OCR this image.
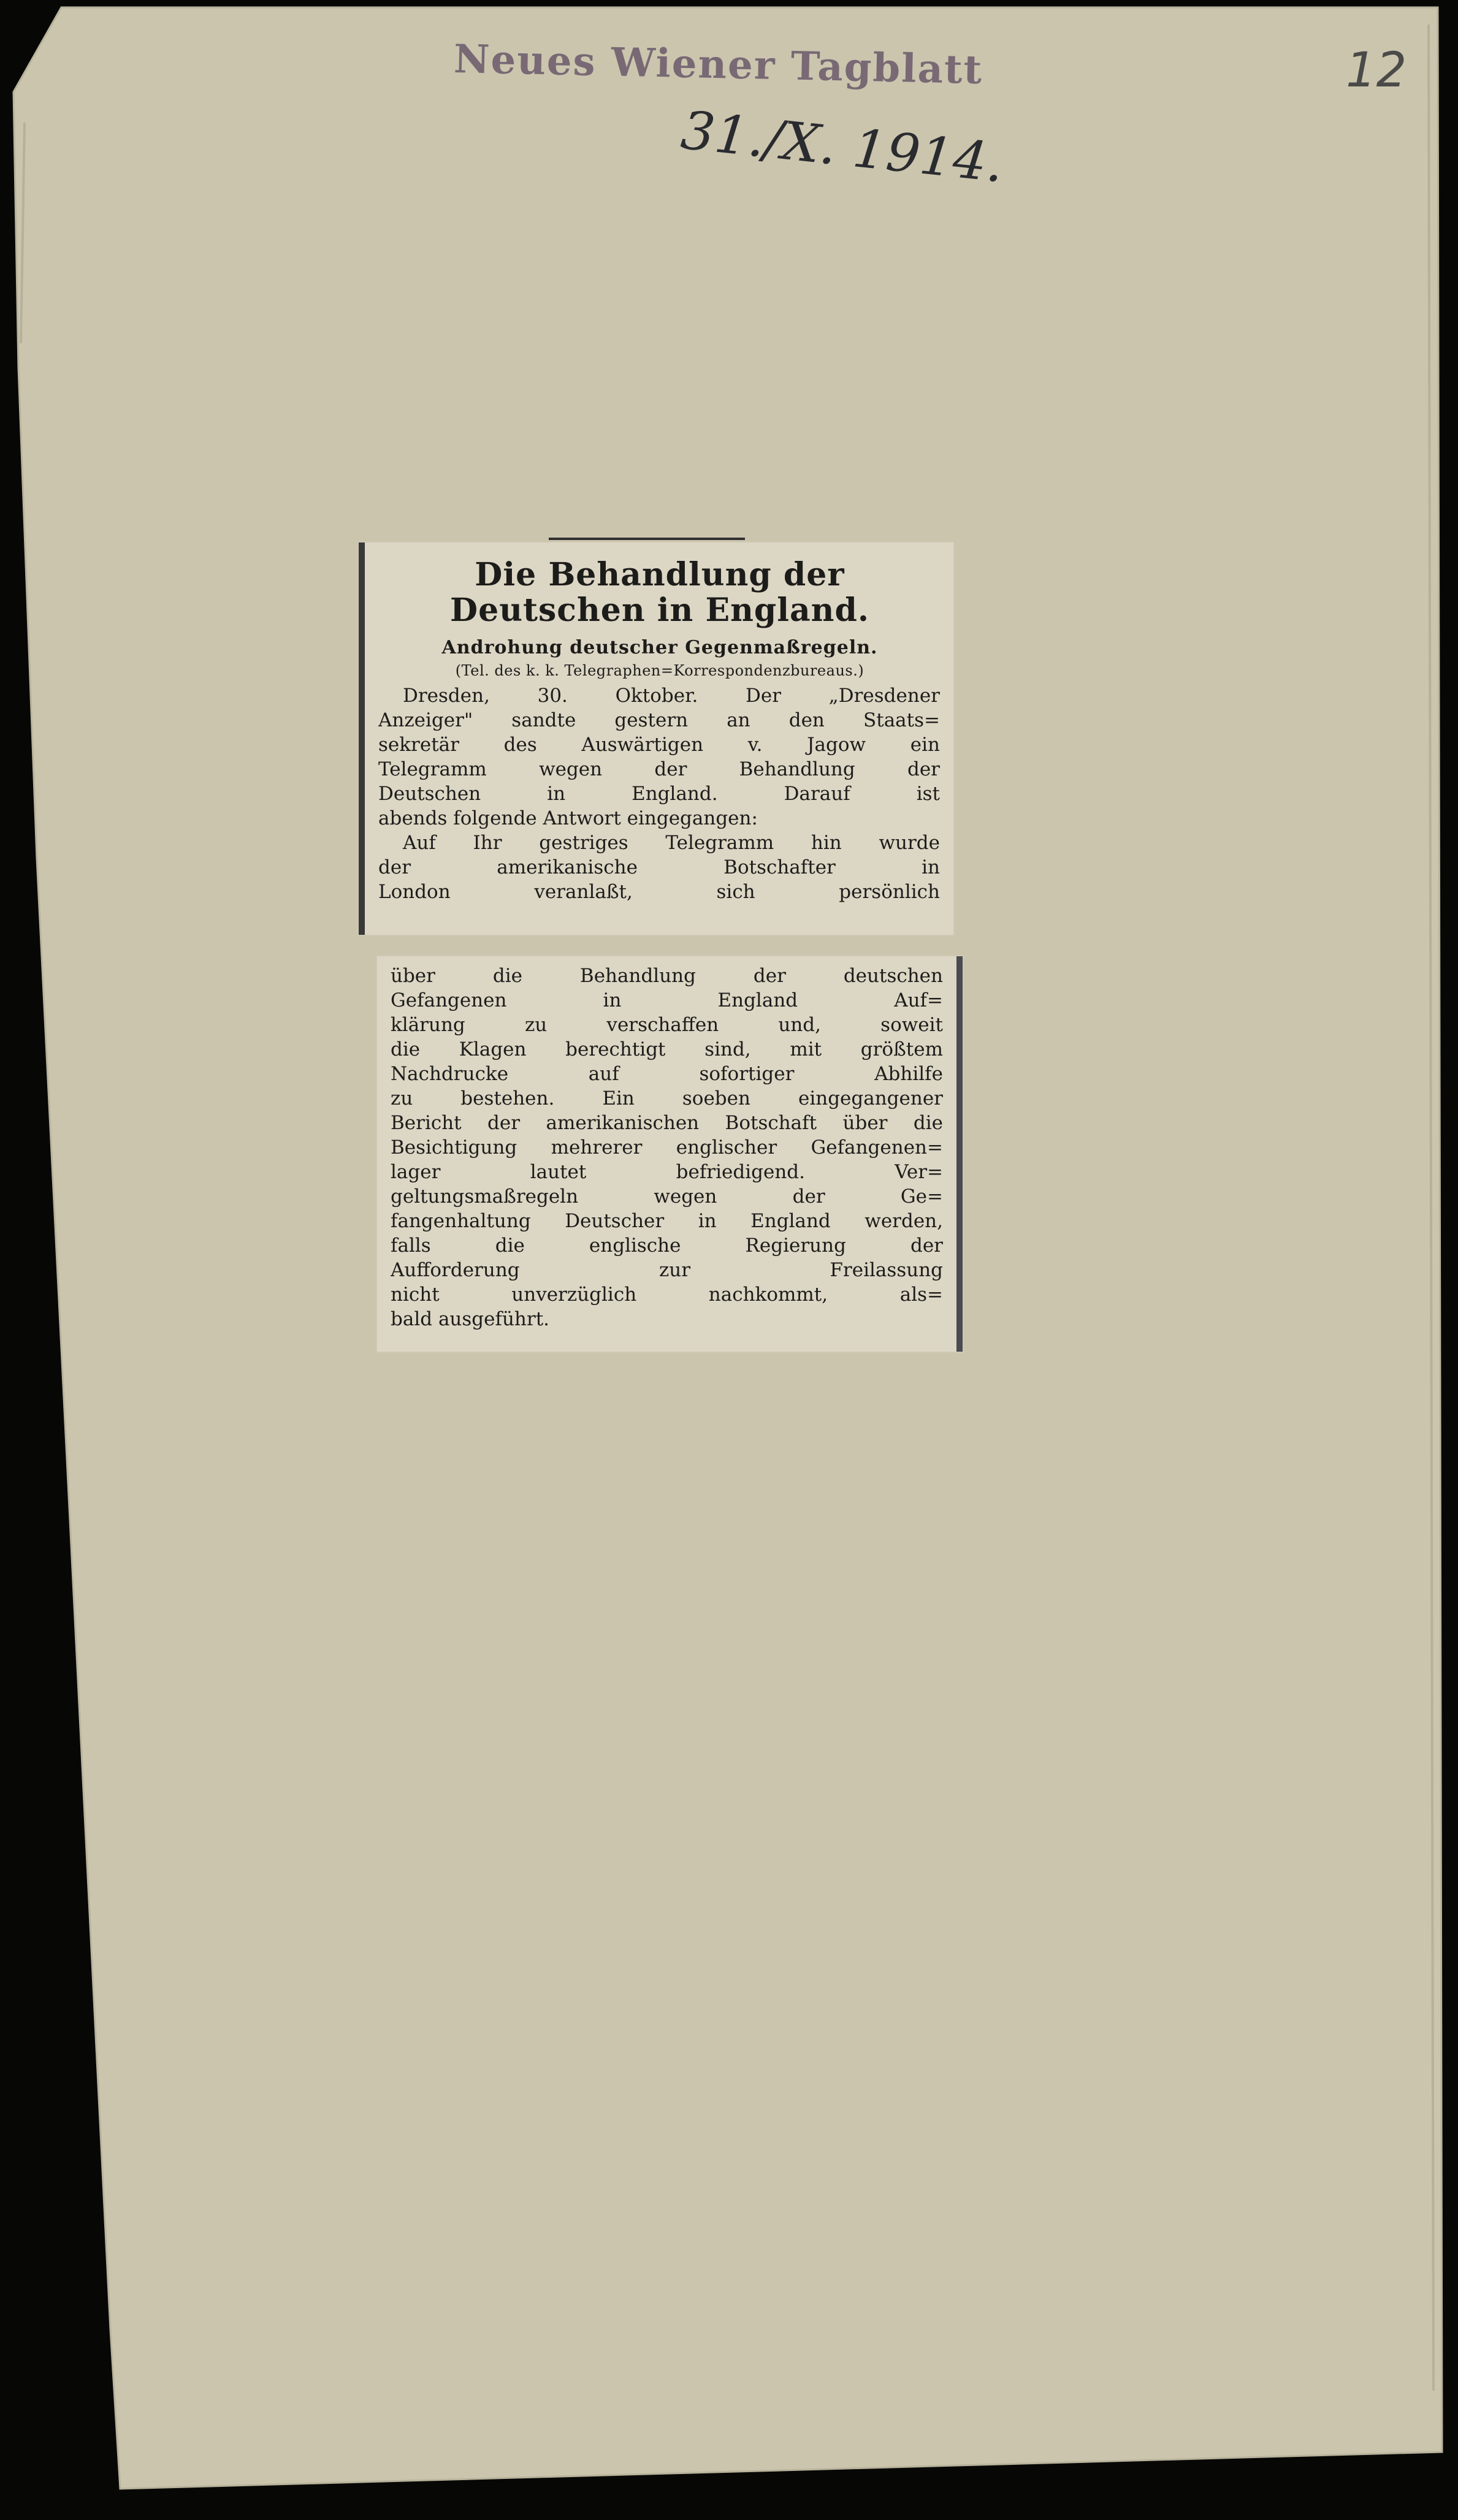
Neues Wiener Tagblatt
31./X. 1914.
12
Die Behandlung der Deutschen in England.
Androhung deutscher Gegenmaßregeln.
(Tel. des k. k. Telegraphen=Korrespondenzbureaus.)
Dresden, 30. Oktober. Der „Dresdener
Anzeiger" sandte gestern an den Staats=
sekretär des Auswärtigen v. Jagow ein
Telegramm wegen der Behandlung der
Deutschen in England. Darauf ist
abends folgende Antwort eingegangen:
Auf Ihr gestriges Telegramm hin wurde
der amerikanische Botschafter in
London veranlaßt, sich persönlich
über die Behandlung der deutschen
Gefangenen in England Auf=
klärung zu verschaffen und, soweit
die Klagen berechtigt sind, mit größtem
Nachdrucke auf sofortiger Abhilfe
zu bestehen. Ein soeben eingegangener
Bericht der amerikanischen Botschaft über die
Besichtigung mehrerer englischer Gefangenen=
lager lautet befriedigend. Ver=
geltungsmaßregeln wegen der Ge=
fangenhaltung Deutscher in England werden,
falls die englische Regierung der
Aufforderung zur Freilassung
nicht unverzüglich nachkommt, als=
bald ausgeführt.
